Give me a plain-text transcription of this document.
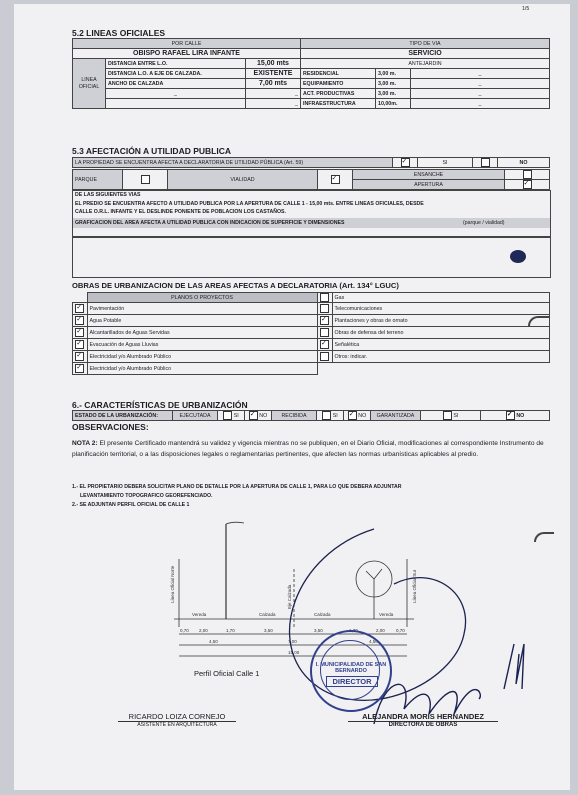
1/5
5.2 LINEAS OFICIALES
POR CALLE			TIPO DE VIA		
OBISPO RAFAEL LIRA INFANTE			SERVICIO		
LINEA OFICIAL	DISTANCIA ENTRE L.O.	15,00 mts	ANTEJARDIN		
	DISTANCIA L.O. A EJE DE CALZADA.	EXISTENTE	RESIDENCIAL	3,00 m.	_
	ANCHO DE CALZADA	7,00 mts	EQUIPAMIENTO	3,00 m.	_
	_	_	ACT. PRODUCTIVAS	3,00 m.	_
		_	INFRAESTRUCTURA	10,00m.	_
5.3 AFECTACIÓN A UTILIDAD PUBLICA
LA PROPIEDAD SE ENCUENTRA AFECTA A DECLARATORIA DE UTILIDAD PÚBLICA (Art. 59)	✓	SI		NO
PARQUE		VIALIDAD	✓	ENSANCHE	
				APERTURA	✓
DE LAS SIGUIENTES VIAS
EL PREDIO SE ENCUENTRA AFECTO A UTILIDAD PUBLICA POR LA APERTURA DE CALLE 1 - 15,00 mts. ENTRE LINEAS OFICIALES, DESDE
CALLE O.R.L. INFANTE Y EL DESLINDE PONIENTE DE POBLACION LOS CASTAÑOS.
GRAFICACION DEL AREA AFECTA A UTILIDAD PUBLICA CON INDICACION DE SUPERFICIE Y DIMENSIONES	(parque / vialidad)
OBRAS DE URBANIZACION DE LAS AREAS AFECTAS A DECLARATORIA (Art. 134° LGUC)
	PLANOS O PROYECTOS		Gas
✓	Pavimentación		Telecomunicaciones
✓	Agua Potable	✓	Plantaciones y obras de ornato
✓	Alcantarillados de Aguas Servidas		Obras de defensa del terreno
✓	Evacuación de Aguas Lluvias	✓	Señalética
✓	Electricidad y/o Alumbrado Público		Otros: indicar.
✓	Electricidad y/o Alumbrado Público		
6.- CARACTERÍSTICAS DE URBANIZACIÓN
ESTADO DE LA URBANIZACIÓN:	EJECUTADA	SI	✓NO	RECIBIDA	SI	✓NO	GARANTIZADA	SI	✓NO
OBSERVACIONES:
NOTA 2: El presente Certificado mantendrá su validez y vigencia mientras no se publiquen, en el Diario Oficial, modificaciones al correspondiente Instrumento de planificación territorial, o a las disposiciones legales o reglamentarias pertinentes, que afecten las normas urbanísticas aplicables al predio.
1.- EL PROPIETARIO DEBERA SOLICITAR PLANO DE DETALLE POR LA APERTURA DE CALLE 1, PARA LO QUE DEBERA ADJUNTAR
LEVANTAMIENTO TOPOGRAFICO GEOREFENCIADO.
2.- SE ADJUNTAN PERFIL OFICIAL DE CALLE 1
Línea Oficial Norte	Línea Oficial Sur
Eje Calzada
Vereda	Calzada	Calzada	Vereda
0,70 2,00	1,70	3,50	3,50	1,70	2,00 0,70
4,50	7,00	4,50
15,00
Perfil Oficial Calle 1
I. MUNICIPALIDAD DE SAN BERNARDO
DIRECTOR
RICARDO LOIZA CORNEJO
ASISTENTE EN ARQUITECTURA
ALEJANDRA MORIS HERNANDEZ
DIRECTORA DE OBRAS
